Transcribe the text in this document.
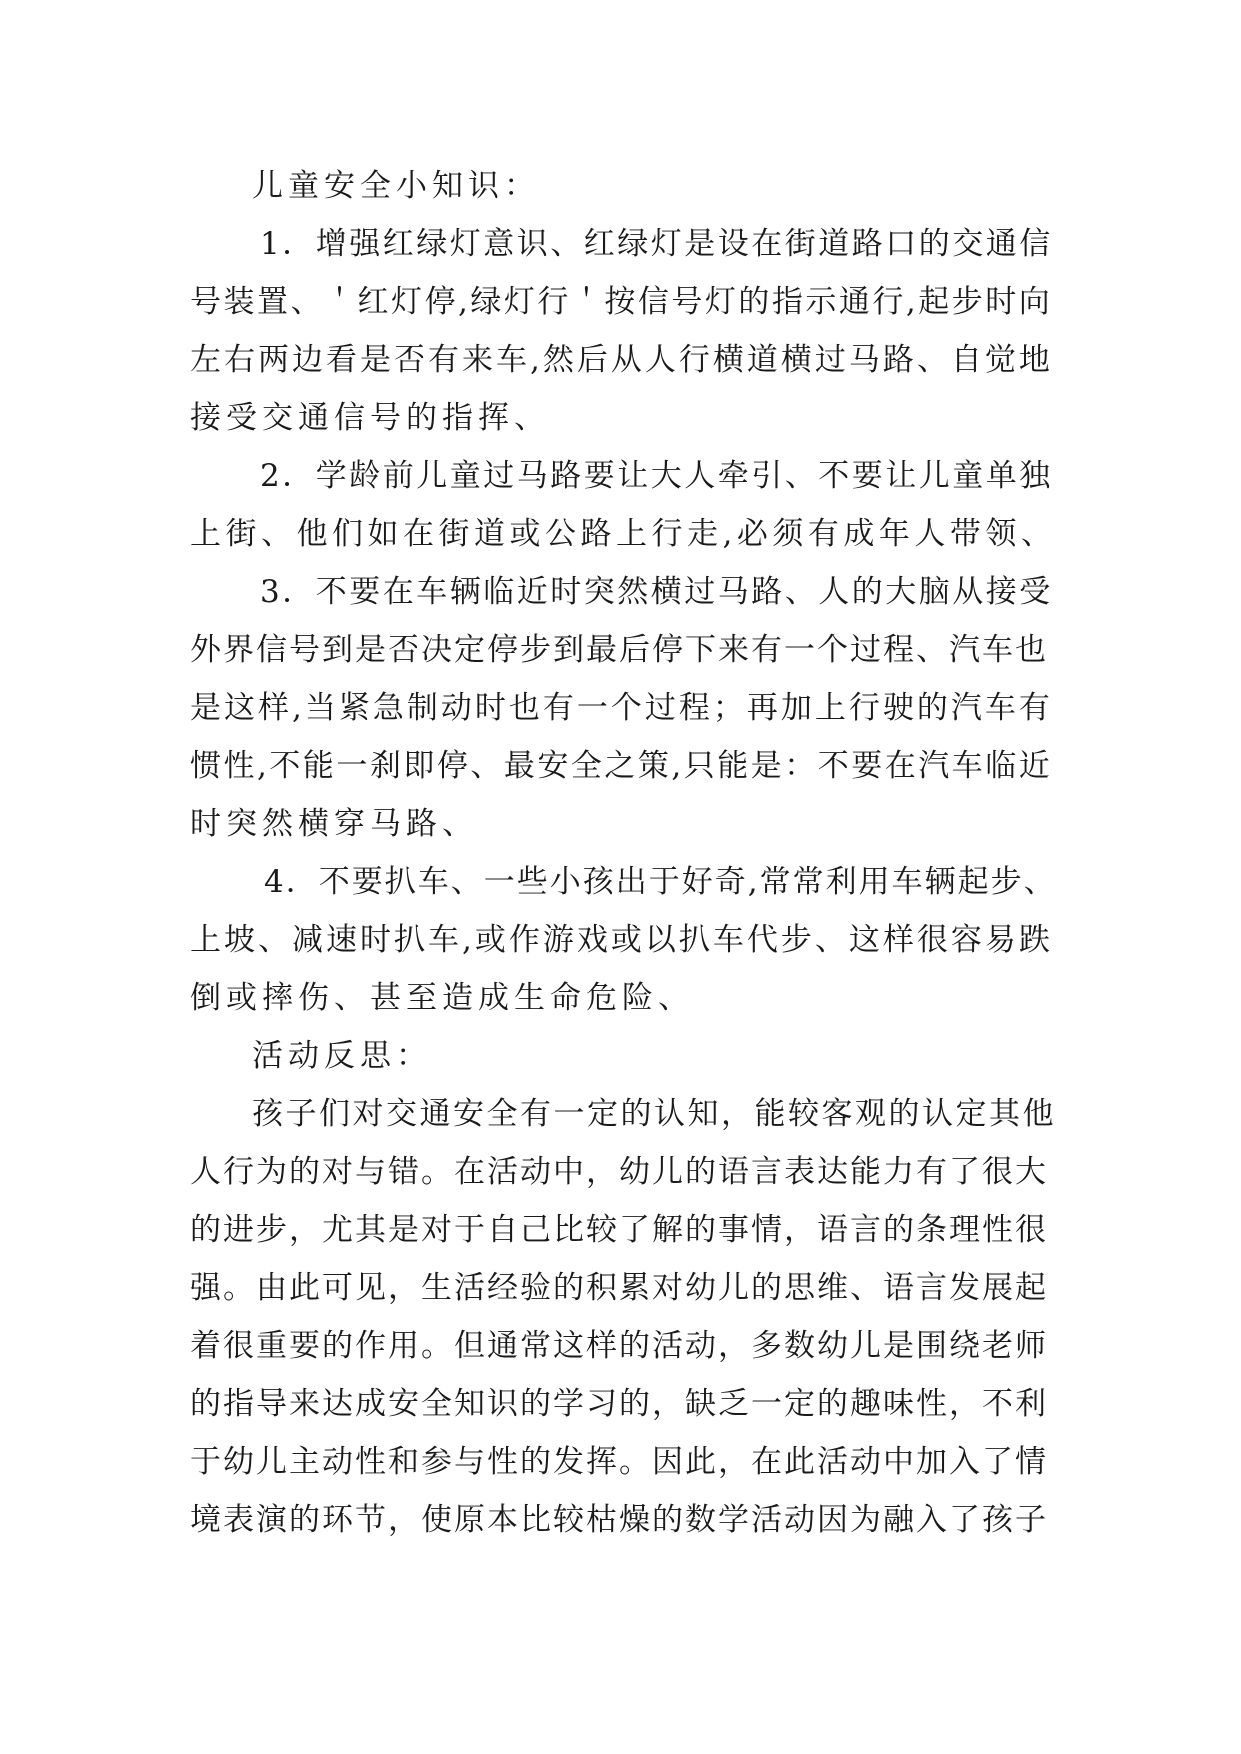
儿童安全小知识：
1．增强红绿灯意识、红绿灯是设在街道路口的交通信
号装置、＇红灯停,绿灯行＇按信号灯的指示通行,起步时向
左右两边看是否有来车,然后从人行横道横过马路、自觉地
接受交通信号的指挥、
2．学龄前儿童过马路要让大人牵引、不要让儿童单独
上街、他们如在街道或公路上行走,必须有成年人带领、
3．不要在车辆临近时突然横过马路、人的大脑从接受
外界信号到是否决定停步到最后停下来有一个过程、汽车也
是这样,当紧急制动时也有一个过程；再加上行驶的汽车有
惯性,不能一刹即停、最安全之策,只能是：不要在汽车临近
时突然横穿马路、
4．不要扒车、一些小孩出于好奇,常常利用车辆起步、
上坡、减速时扒车,或作游戏或以扒车代步、这样很容易跌
倒或摔伤、甚至造成生命危险、
活动反思：
孩子们对交通安全有一定的认知，能较客观的认定其他
人行为的对与错。在活动中，幼儿的语言表达能力有了很大
的进步，尤其是对于自己比较了解的事情，语言的条理性很
强。由此可见，生活经验的积累对幼儿的思维、语言发展起
着很重要的作用。但通常这样的活动，多数幼儿是围绕老师
的指导来达成安全知识的学习的，缺乏一定的趣味性，不利
于幼儿主动性和参与性的发挥。因此，在此活动中加入了情
境表演的环节，使原本比较枯燥的数学活动因为融入了孩子
